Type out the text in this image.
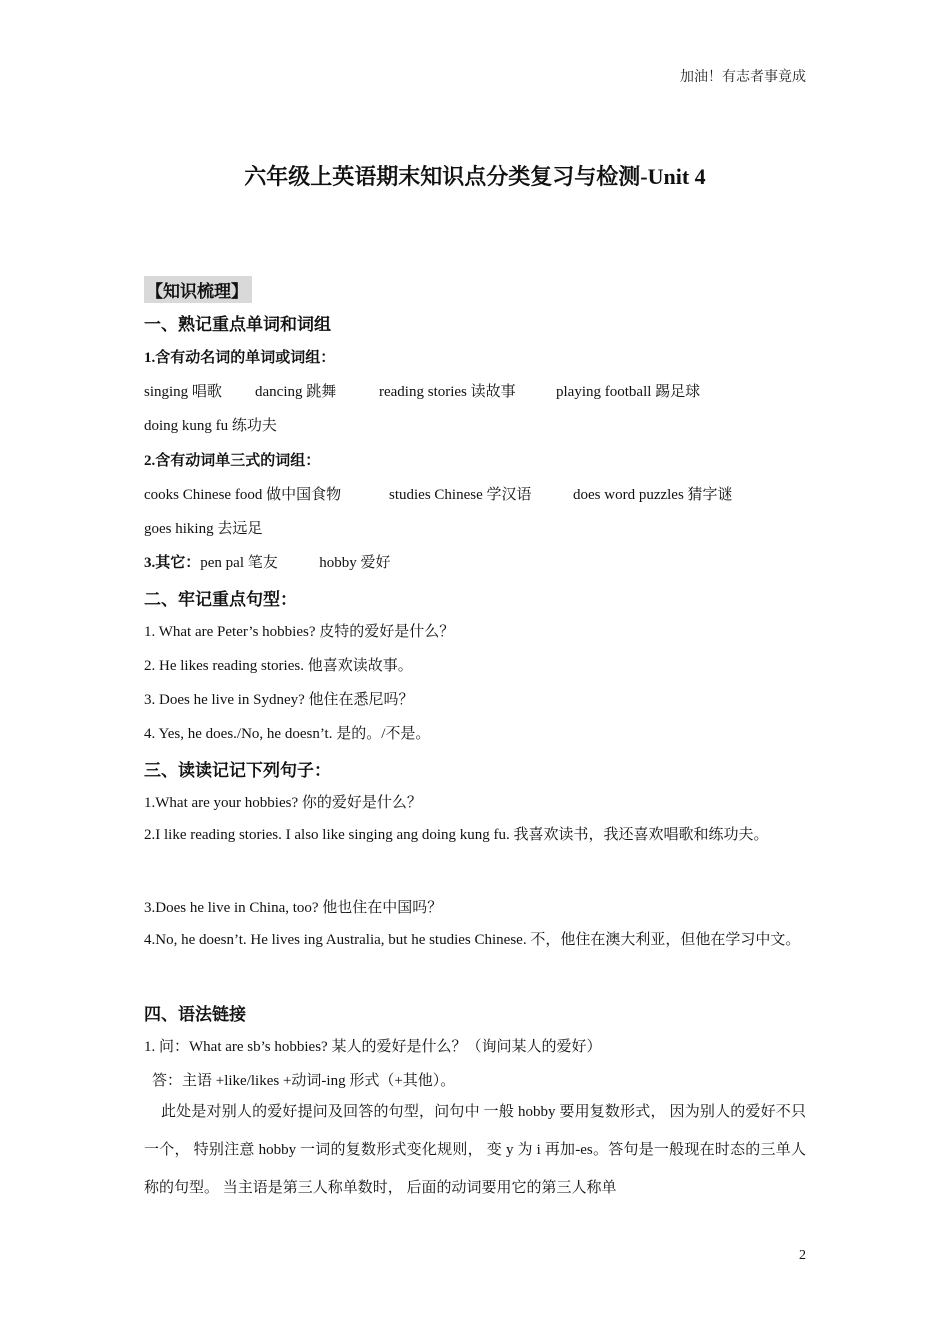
加油！有志者事竟成
六年级上英语期末知识点分类复习与检测-Unit 4
【知识梳理】
一、熟记重点单词和词组
1.含有动名词的单词或词组：
singing 唱歌 dancing 跳舞	reading stories 读故事	playing football 踢足球
doing kung fu 练功夫
2.含有动词单三式的词组：
cooks Chinese food 做中国食物	studies Chinese 学汉语	does word puzzles 猜字谜
goes hiking 去远足
3.其它：pen pal 笔友	hobby 爱好
二、牢记重点句型：
1. What are Peter’s hobbies? 皮特的爱好是什么？
2. He likes reading stories. 他喜欢读故事。
3. Does he live in Sydney? 他住在悉尼吗？
4. Yes, he does./No, he doesn’t. 是的。/不是。
三、读读记记下列句子：
1.What are your hobbies? 你的爱好是什么？
2.I like reading stories. I also like singing ang doing kung fu. 我喜欢读书，我还喜欢唱歌和练功夫。
3.Does he live in China, too? 他也住在中国吗？
4.No, he doesn’t. He lives ing Australia, but he studies Chinese. 不，他住在澳大利亚，但他在学习中文。
四、语法链接
1. 问：What are sb’s hobbies? 某人的爱好是什么？（询问某人的爱好）
答：主语 +like/likes +动词-ing 形式（+其他）。
此处是对别人的爱好提问及回答的句型，问句中 一般 hobby 要用复数形式， 因为别人的爱好不只一个， 特别注意 hobby 一词的复数形式变化规则， 变 y 为 i 再加-es。答句是一般现在时态的三单人称的句型。 当主语是第三人称单数时， 后面的动词要用它的第三人称单
2
